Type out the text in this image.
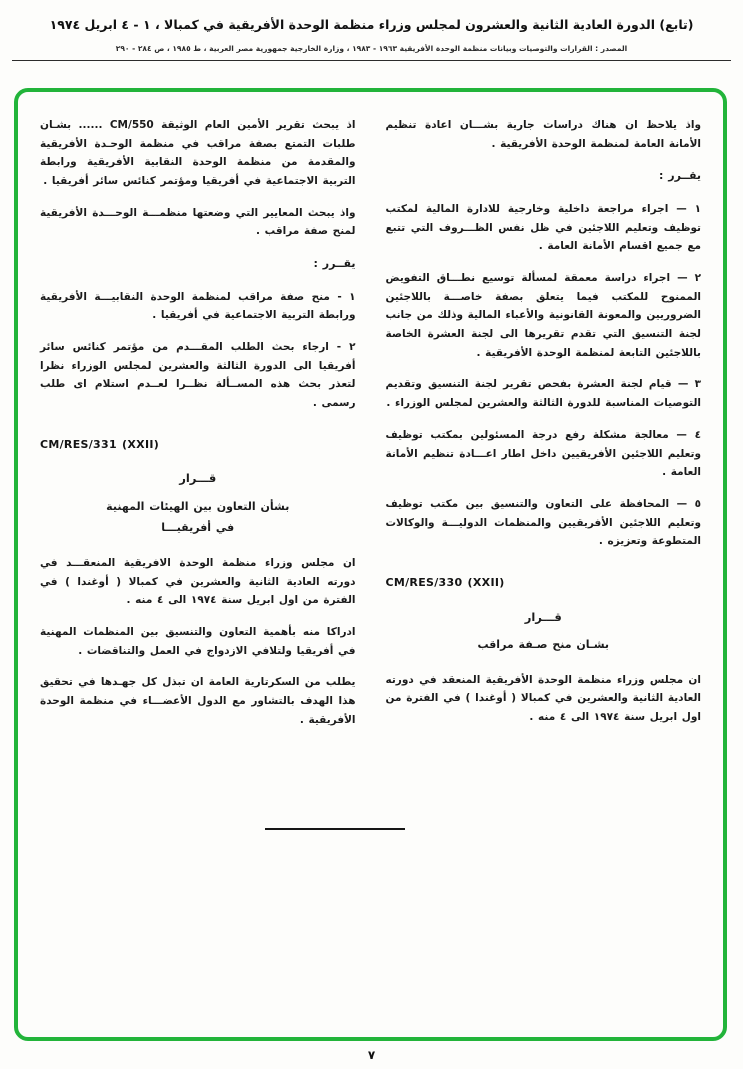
(تابع) الدورة العادية الثانية والعشرون لمجلس وزراء منظمة الوحدة الأفريقية في كمبالا ، ١ - ٤ ابريل ١٩٧٤
المصدر : القرارات والتوصيات وبيانات منظمة الوحدة الأفريقية ١٩٦٣ - ١٩٨٣ ، وزارة الخارجية جمهورية مصر العربية ، ط ١٩٨٥ ، ص ٢٨٤ - ٢٩٠

واذ يلاحظ ان هناك دراسات جارية بشـــان اعادة تنظيم الأمانة العامة لمنظمة الوحدة الأفريقية .

يقــرر :

١ — اجراء مراجعة داخلية وخارجية للادارة المالية لمكتب توظيف وتعليم اللاجئين في ظل نفس الظـــروف التي تتبع مع جميع اقسام الأمانة العامة .

٢ — اجراء دراسة معمقة لمسألة توسيع نطـــاق التفويض الممنوح للمكتب فيما يتعلق بصفة خاصـــة باللاجئين الضروريين والمعونة القانونية والأعباء المالية وذلك من جانب لجنة التنسيق التي تقدم تقريرها الى لجنة العشرة الخاصة باللاجئين التابعة لمنظمة الوحدة الأفريقية .

٣ — قيام لجنة العشرة بفحص تقرير لجنة التنسيق وتقديم التوصيات المناسبة للدورة الثالثة والعشرين لمجلس الوزراء .

٤ — معالجة مشكلة رفع درجة المسئولين بمكتب توظيف وتعليم اللاجئين الأفريقيين داخل اطار اعـــادة تنظيم الأمانة العامة .

٥ — المحافظة على التعاون والتنسيق بين مكتب توظيف وتعليم اللاجئين الأفريقيين والمنظمات الدوليـــة والوكالات المتطوعة وتعزيزه .

CM/RES/330 (XXII)

قـــرار

بشـان منح صـفة مراقب

ان مجلس وزراء منظمة الوحدة الأفريقية المنعقد في دورته العادية الثانية والعشرين في كمبالا ( أوغندا ) في الفترة من اول ابريل سنة ١٩٧٤ الى ٤ منه .

اذ يبحث تقرير الأمين العام الوثيقة CM/550 ...... بشـان طلبات التمتع بصفة مراقب في منظمة الوحـدة الأفريقية والمقدمة من منظمة الوحدة النقابية الأفريقية ورابطة التربية الاجتماعية في أفريقيا ومؤتمر كنائس سائر أفريقيا .

واذ يبحث المعايير التي وضعتها منظمـــة الوحـــدة الأفريقية لمنح صفة مراقب .

يقــرر :

١ - منح صفة مراقب لمنظمة الوحدة النقابيـــة الأفريقية ورابطة التربية الاجتماعية في أفريقيا .

٢ - ارجاء بحث الطلب المقـــدم من مؤتمر كنائس سائر أفريقيا الى الدورة الثالثة والعشرين لمجلس الوزراء نظرا لتعذر بحث هذه المســألة نظــرا لعــدم استلام اى طلب رسمى .

CM/RES/331 (XXII)

قـــرار

بشأن التعاون بين الهيئات المهنية

في أفريقيـــا

ان مجلس وزراء منظمة الوحدة الافريقية المنعقـــد في دورته العادية الثانية والعشرين في كمبالا ( أوغندا ) في الفترة من اول ابريل سنة ١٩٧٤ الى ٤ منه .

ادراكا منه بأهمية التعاون والتنسيق بين المنظمات المهنية في أفريقيا ولتلافي الازدواج في العمل والتناقضات .

يطلب من السكرتارية العامة ان تبذل كل جهـدها في تحقيق هذا الهدف بالتشاور مع الدول الأعضـــاء في منظمة الوحدة الأفريقية .

٧
